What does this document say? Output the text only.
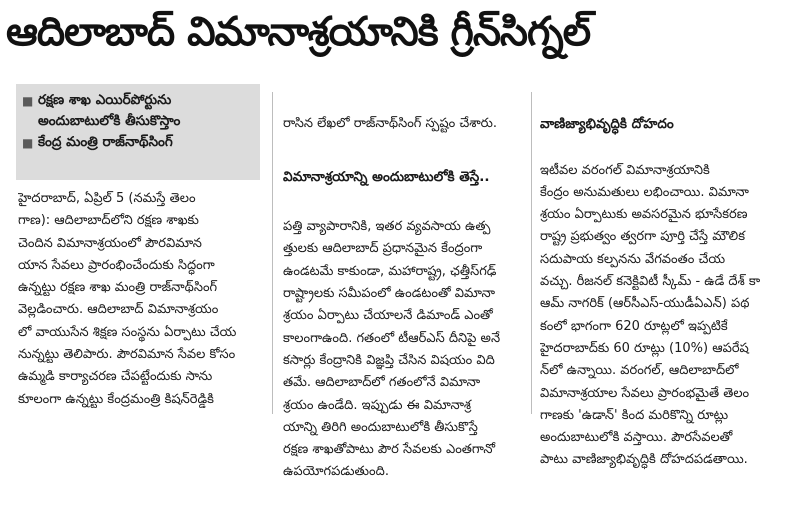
ఆదిలాబాద్ విమానాశ్రయానికి గ్రీన్‌సిగ్నల్
■ రక్షణ శాఖ ఎయిర్‌పోర్టును
అందుబాటులోకి తీసుకొస్తాం
■ కేంద్ర మంత్రి రాజ్‌నాథ్‌సింగ్
హైదరాబాద్, ఏప్రిల్ 5 (నమస్తే తెలం
గాణ): ఆదిలాబాద్‌లోని రక్షణ శాఖకు
చెందిన విమానాశ్రయంలో పౌరవిమాన
యాన సేవలు ప్రారంభించేందుకు సిద్ధంగా
ఉన్నట్టు రక్షణ శాఖ మంత్రి రాజ్‌నాథ్‌సింగ్
వెల్లడించారు. ఆదిలాబాద్ విమానాశ్రయం
లో వాయుసేన శిక్షణ సంస్థను ఏర్పాటు చేయ
నున్నట్టు తెలిపారు. పౌరవిమాన సేవల కోసం
ఉమ్మడి కార్యాచరణ చేపట్టేందుకు సాను
కూలంగా ఉన్నట్టు కేంద్రమంత్రి కిషన్‌రెడ్డికి

రాసిన లేఖలో రాజ్‌నాథ్‌సింగ్ స్పష్టం చేశారు.

విమానాశ్రయాన్ని అందుబాటులోకి తెస్తే..

పత్తి వ్యాపారానికి, ఇతర వ్యవసాయ ఉత్ప
త్తులకు ఆదిలాబాద్ ప్రధానమైన కేంద్రంగా
ఉండటమే కాకుండా, మహారాష్ట్ర, ఛత్తీస్‌గఢ్
రాష్ట్రాలకు సమీపంలో ఉండటంతో విమానా
శ్రయం ఏర్పాటు చేయాలనే డిమాండ్ ఎంతో
కాలంగాఉంది. గతంలో టీఆర్‌ఎస్ దీనిపై అనే
కసార్లు కేంద్రానికి విజ్ఞప్తి చేసిన విషయం విది
తమే. ఆదిలాబాద్‌లో గతంలోనే విమానా
శ్రయం ఉండేది. ఇప్పుడు ఈ విమానాశ్ర
యాన్ని తిరిగి అందుబాటులోకి తీసుకొస్తే
రక్షణ శాఖతోపాటు పౌర సేవలకు ఎంతగానో
ఉపయోగపడుతుంది.

వాణిజ్యాభివృద్ధికి దోహదం

ఇటీవల వరంగల్ విమానాశ్రయానికి
కేంద్రం అనుమతులు లభించాయి. విమానా
శ్రయం ఏర్పాటుకు అవసరమైన భూసేకరణ
రాష్ట్ర ప్రభుత్వం త్వరగా పూర్తి చేస్తే మౌలిక
సదుపాయ కల్పనను వేగవంతం చేయ
వచ్చు. రీజనల్ కనెక్టివిటీ స్కీమ్ - ఉడే దేశ్ కా
ఆమ్ నాగరిక్ (ఆర్‌సీఎస్-యుడీఏఎన్) పథ
కంలో భాగంగా 620 రూట్లలో ఇప్పటికే
హైదరాబాద్‌కు 60 రూట్లు (10%) ఆపరేష
న్‌లో ఉన్నాయి. వరంగల్, ఆదిలాబాద్‌లో
విమానాశ్రయాల సేవలు ప్రారంభమైతే తెలం
గాణకు 'ఉడాన్' కింద మరికొన్ని రూట్లు
అందుబాటులోకి వస్తాయి. పౌరసేవలతో
పాటు వాణిజ్యాభివృద్ధికి దోహదపడతాయి.
